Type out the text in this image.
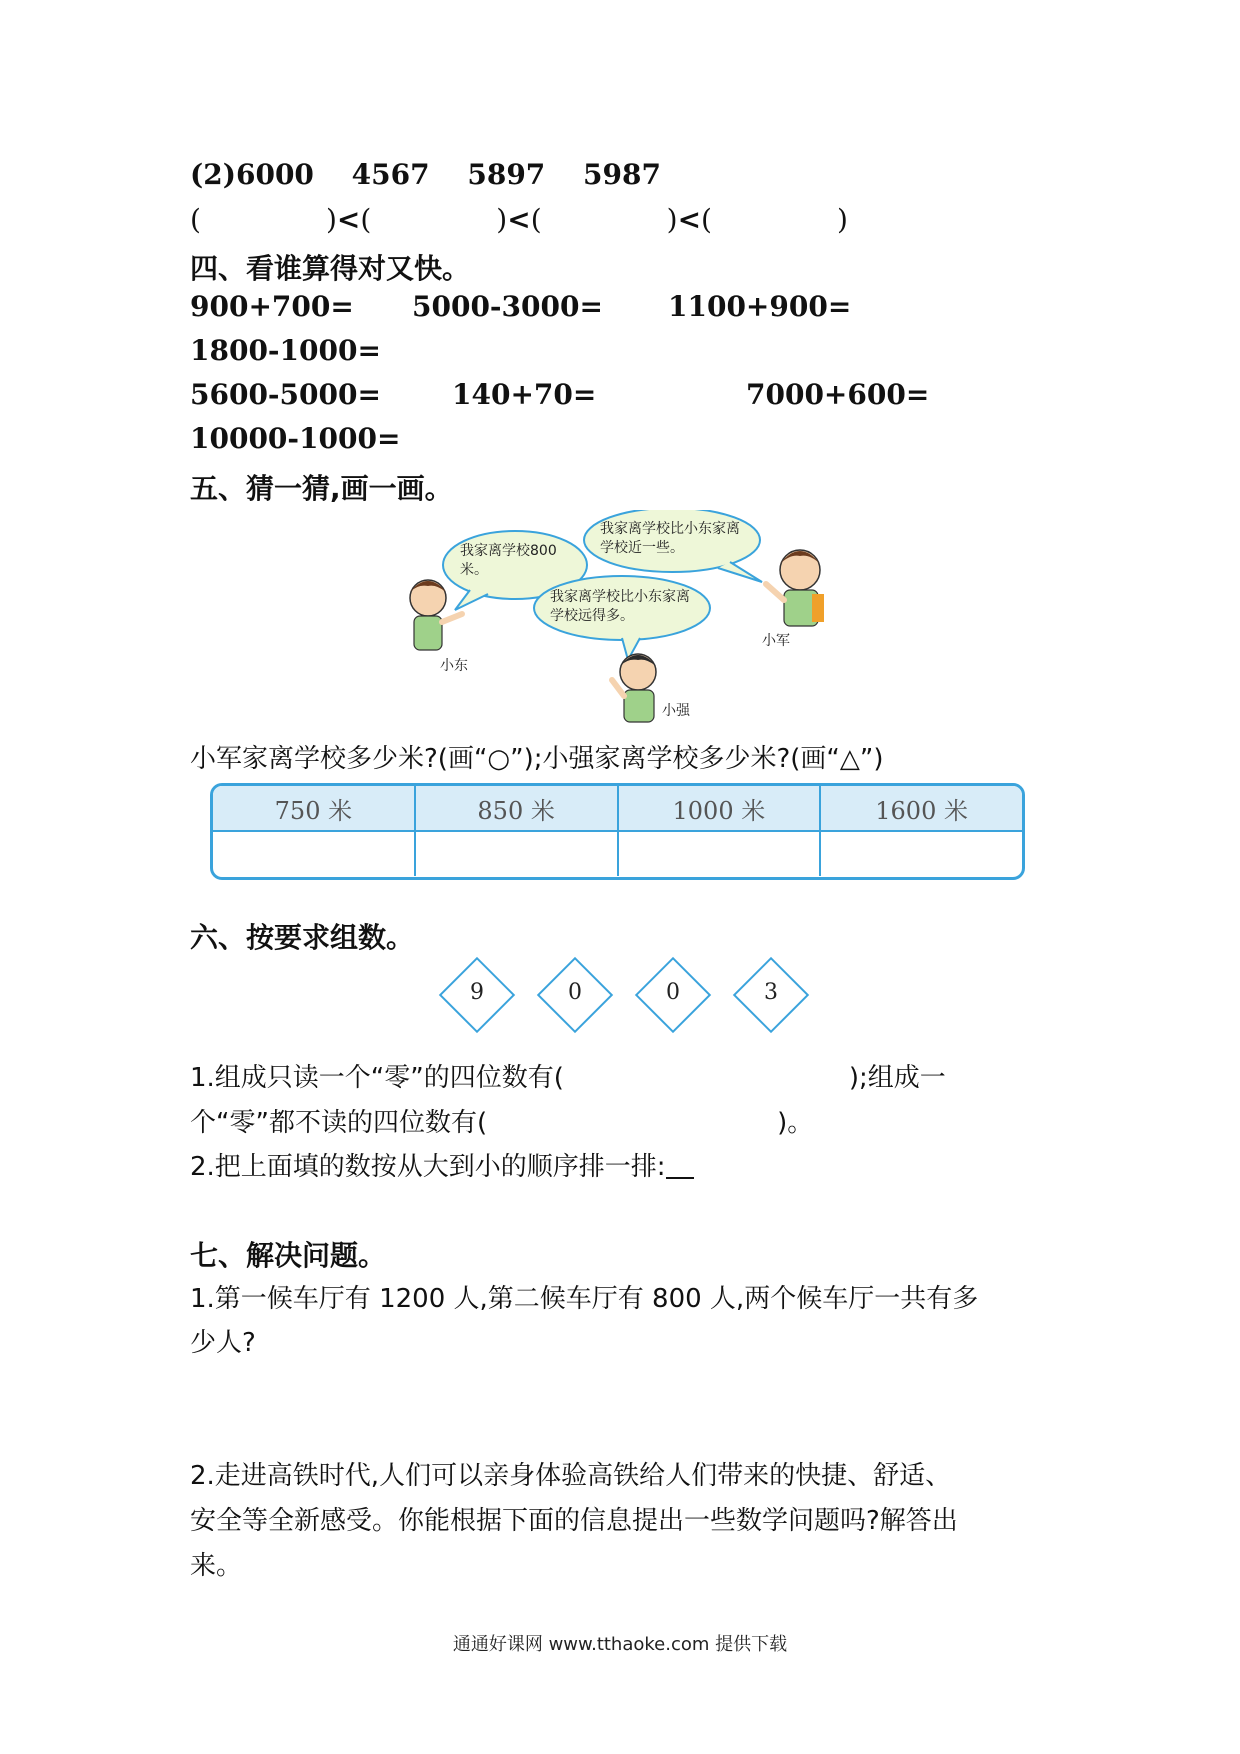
(2)6000 4567 5897 5987
(	)<(	)<(	)<(	)
四、看谁算得对又快。
900+700= 5000-3000= 1100+900=
1800-1000=
5600-5000=	140+70=	7000+600=
10000-1000=
五、猜一猜,画一画。
我家离学校800米。
我家离学校比小东家离学校近一些。
我家离学校比小东家离学校远得多。
小东
小军
小强
小军家离学校多少米?(画“○”);小强家离学校多少米?(画“△”)
750 米	850 米	1000 米	1600 米
六、按要求组数。
9	0	0	3
1.组成只读一个“零”的四位数有(	);组成一
个“零”都不读的四位数有(	)。
2.把上面填的数按从大到小的顺序排一排:
七、解决问题。
1.第一候车厅有 1200 人,第二候车厅有 800 人,两个候车厅一共有多
少人?
2.走进高铁时代,人们可以亲身体验高铁给人们带来的快捷、舒适、
安全等全新感受。你能根据下面的信息提出一些数学问题吗?解答出
来。
通通好课网 www.tthaoke.com 提供下载
